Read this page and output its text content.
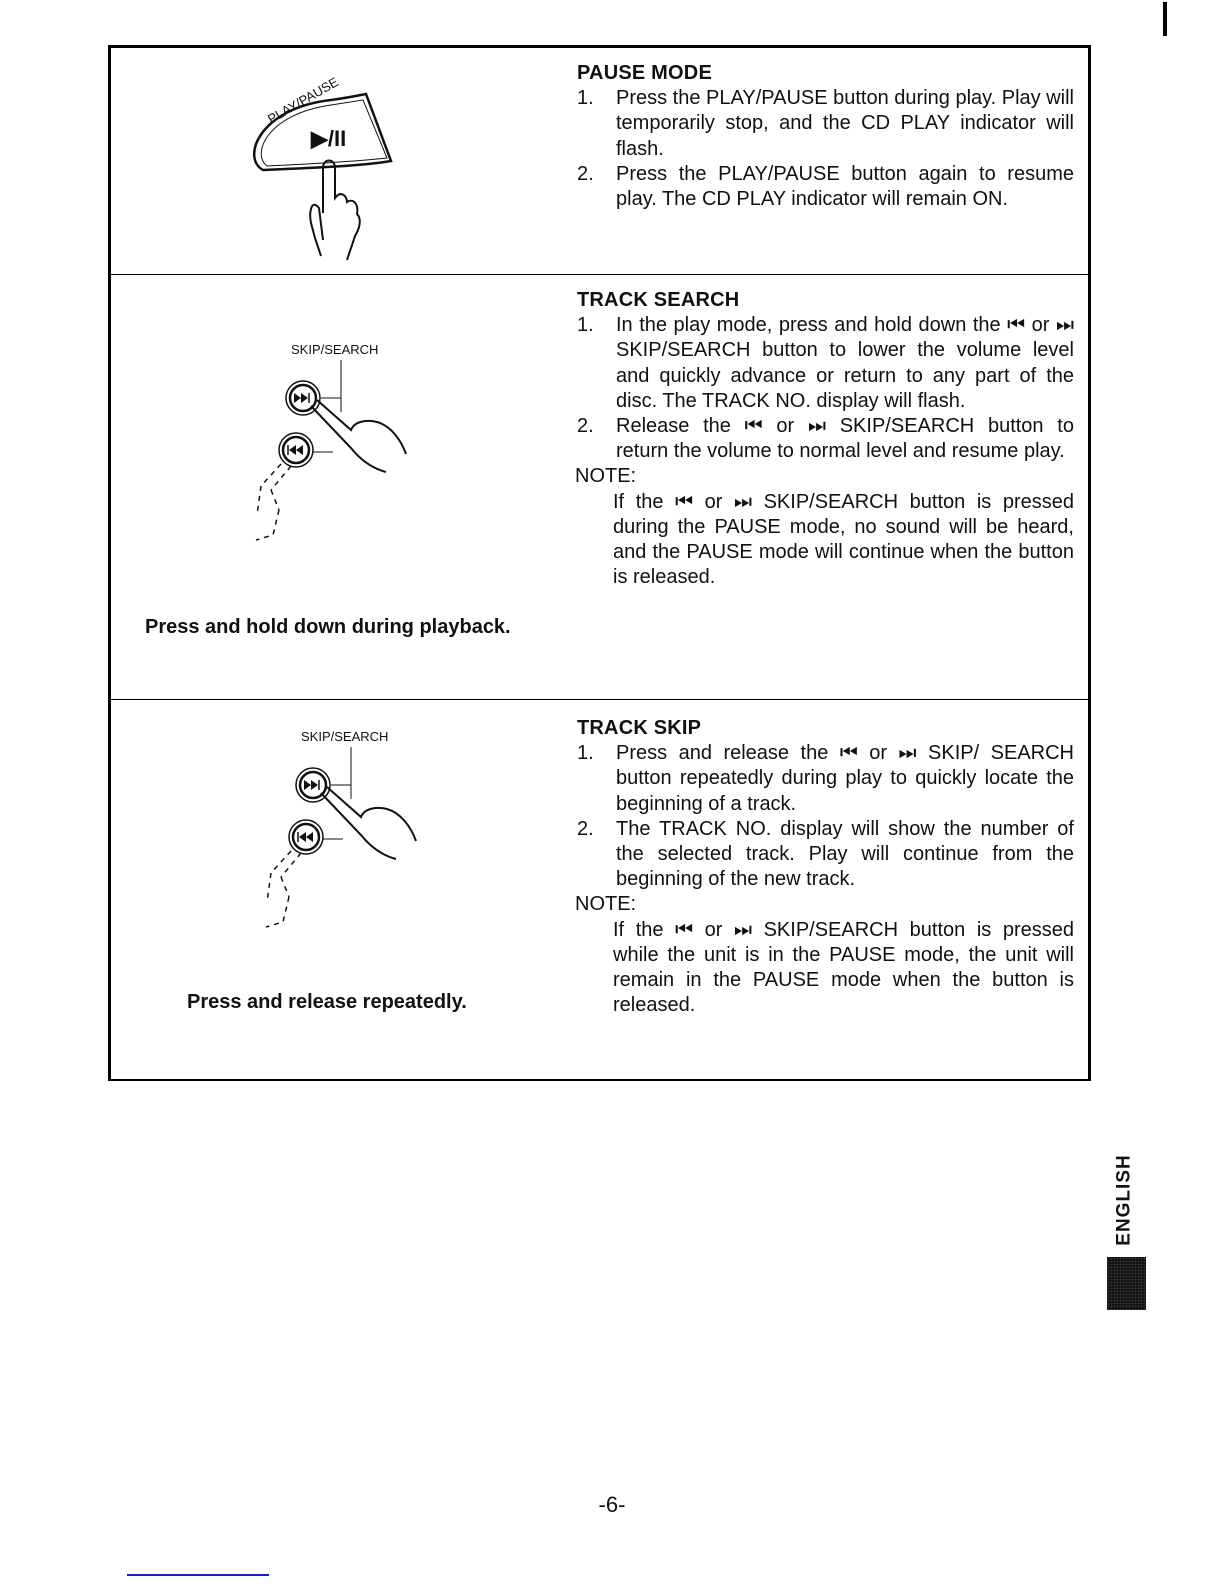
PLAY/PAUSE
▶/II
PAUSE MODE
1.	Press the PLAY/PAUSE button during play. Play will temporarily stop, and the CD PLAY indicator will flash.
2.	Press the PLAY/PAUSE button again to resume play. The CD PLAY indicator will remain ON.
SKIP/SEARCH
Press and hold down during playback.
TRACK SEARCH
1.	In the play mode, press and hold down the ⏮ or ⏭ SKIP/SEARCH button to lower the volume level and quickly advance or return to any part of the disc. The TRACK NO. display will flash.
2.	Release the ⏮ or ⏭ SKIP/SEARCH button to return the volume to normal level and resume play.
NOTE:
If the ⏮ or ⏭ SKIP/SEARCH button is pressed during the PAUSE mode, no sound will be heard, and the PAUSE mode will continue when the button is released.
SKIP/SEARCH
Press and release repeatedly.
TRACK SKIP
1.	Press and release the ⏮ or ⏭ SKIP/ SEARCH button repeatedly during play to quickly locate the beginning of a track.
2.	The TRACK NO. display will show the number of the selected track. Play will continue from the beginning of the new track.
NOTE:
If the ⏮ or ⏭ SKIP/SEARCH button is pressed while the unit is in the PAUSE mode, the unit will remain in the PAUSE mode when the button is released.
ENGLISH
-6-
